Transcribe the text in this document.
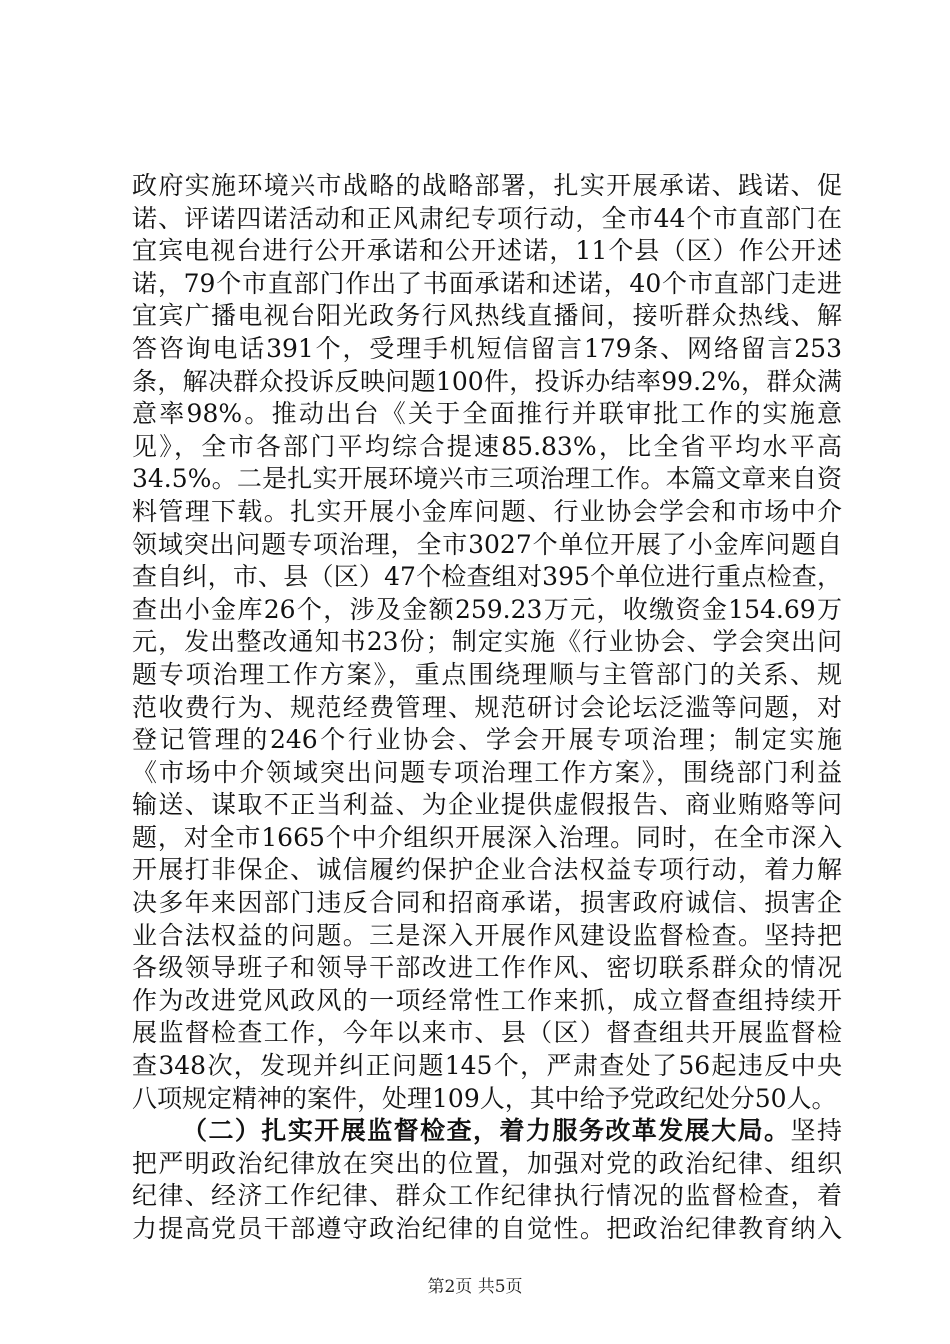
政府实施环境兴市战略的战略部署，扎实开展承诺、践诺、促
诺、评诺四诺活动和正风肃纪专项行动，全市44个市直部门在
宜宾电视台进行公开承诺和公开述诺，11个县（区）作公开述
诺，79个市直部门作出了书面承诺和述诺，40个市直部门走进
宜宾广播电视台阳光政务行风热线直播间，接听群众热线、解
答咨询电话391个，受理手机短信留言179条、网络留言253
条，解决群众投诉反映问题100件，投诉办结率99.2%，群众满
意率98%。推动出台《关于全面推行并联审批工作的实施意
见》，全市各部门平均综合提速85.83%，比全省平均水平高
34.5%。二是扎实开展环境兴市三项治理工作。本篇文章来自资
料管理下载。扎实开展小金库问题、行业协会学会和市场中介
领域突出问题专项治理，全市3027个单位开展了小金库问题自
查自纠，市、县（区）47个检查组对395个单位进行重点检查，
查出小金库26个，涉及金额259.23万元，收缴资金154.69万
元，发出整改通知书23份；制定实施《行业协会、学会突出问
题专项治理工作方案》，重点围绕理顺与主管部门的关系、规
范收费行为、规范经费管理、规范研讨会论坛泛滥等问题，对
登记管理的246个行业协会、学会开展专项治理；制定实施
《市场中介领域突出问题专项治理工作方案》，围绕部门利益
输送、谋取不正当利益、为企业提供虚假报告、商业贿赂等问
题，对全市1665个中介组织开展深入治理。同时，在全市深入
开展打非保企、诚信履约保护企业合法权益专项行动，着力解
决多年来因部门违反合同和招商承诺，损害政府诚信、损害企
业合法权益的问题。三是深入开展作风建设监督检查。坚持把
各级领导班子和领导干部改进工作作风、密切联系群众的情况
作为改进党风政风的一项经常性工作来抓，成立督查组持续开
展监督检查工作，今年以来市、县（区）督查组共开展监督检
查348次，发现并纠正问题145个，严肃查处了56起违反中央
八项规定精神的案件，处理109人，其中给予党政纪处分50人。
（二）扎实开展监督检查，着力服务改革发展大局。坚持
把严明政治纪律放在突出的位置，加强对党的政治纪律、组织
纪律、经济工作纪律、群众工作纪律执行情况的监督检查，着
力提高党员干部遵守政治纪律的自觉性。把政治纪律教育纳入
第2页 共5页
